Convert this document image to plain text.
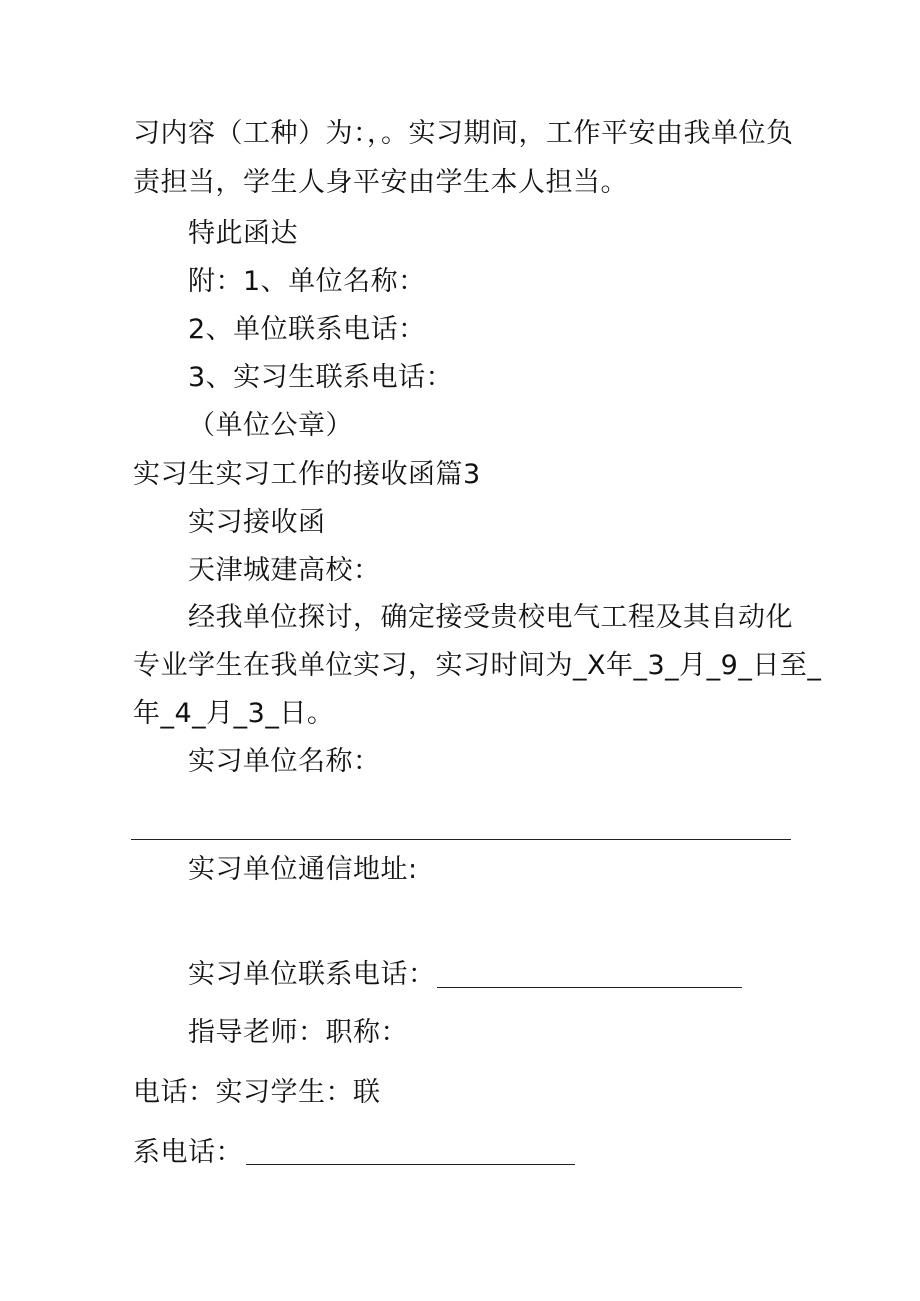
习内容（工种）为：，。实习期间，工作平安由我单位负
责担当，学生人身平安由学生本人担当。
特此函达
附：1、单位名称：
2、单位联系电话：
3、实习生联系电话：
（单位公章）
实习生实习工作的接收函篇3
实习接收函
天津城建高校：
经我单位探讨，确定接受贵校电气工程及其自动化
专业学生在我单位实习，实习时间为_X年_3_月_9_日至_
年_4_月_3_日。
实习单位名称：
实习单位通信地址:
实习单位联系电话：
指导老师：职称：
电话：实习学生：联
系电话：
